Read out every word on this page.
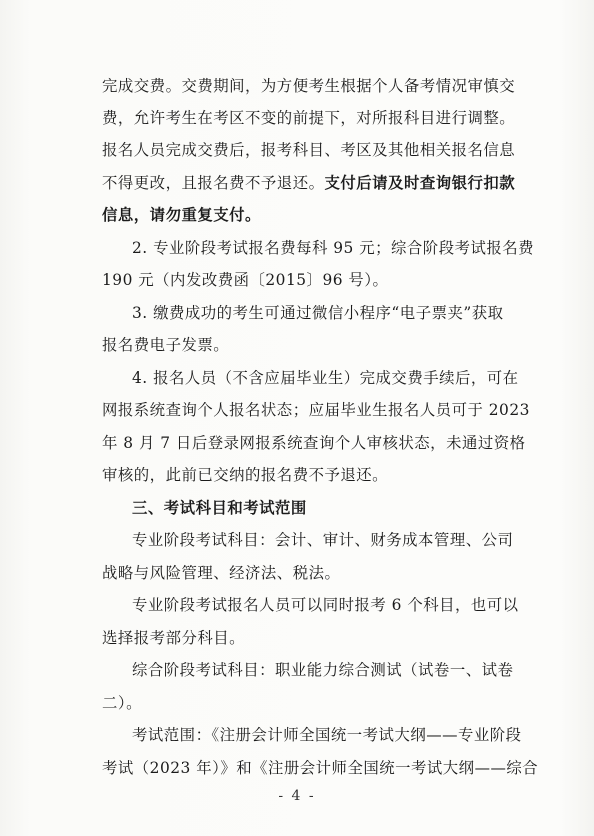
完成交费。交费期间，为方便考生根据个人备考情况审慎交
费，允许考生在考区不变的前提下，对所报科目进行调整。
报名人员完成交费后，报考科目、考区及其他相关报名信息
不得更改，且报名费不予退还。支付后请及时查询银行扣款
信息，请勿重复支付。
2. 专业阶段考试报名费每科 95 元；综合阶段考试报名费
190 元（内发改费函〔2015〕96 号）。
3. 缴费成功的考生可通过微信小程序“电子票夹”获取
报名费电子发票。
4. 报名人员（不含应届毕业生）完成交费手续后，可在
网报系统查询个人报名状态；应届毕业生报名人员可于 2023
年 8 月 7 日后登录网报系统查询个人审核状态，未通过资格
审核的，此前已交纳的报名费不予退还。
三、考试科目和考试范围
专业阶段考试科目：会计、审计、财务成本管理、公司
战略与风险管理、经济法、税法。
专业阶段考试报名人员可以同时报考 6 个科目，也可以
选择报考部分科目。
综合阶段考试科目：职业能力综合测试（试卷一、试卷
二）。
考试范围：《注册会计师全国统一考试大纲——专业阶段
考试（2023 年）》和《注册会计师全国统一考试大纲——综合
- 4 -
